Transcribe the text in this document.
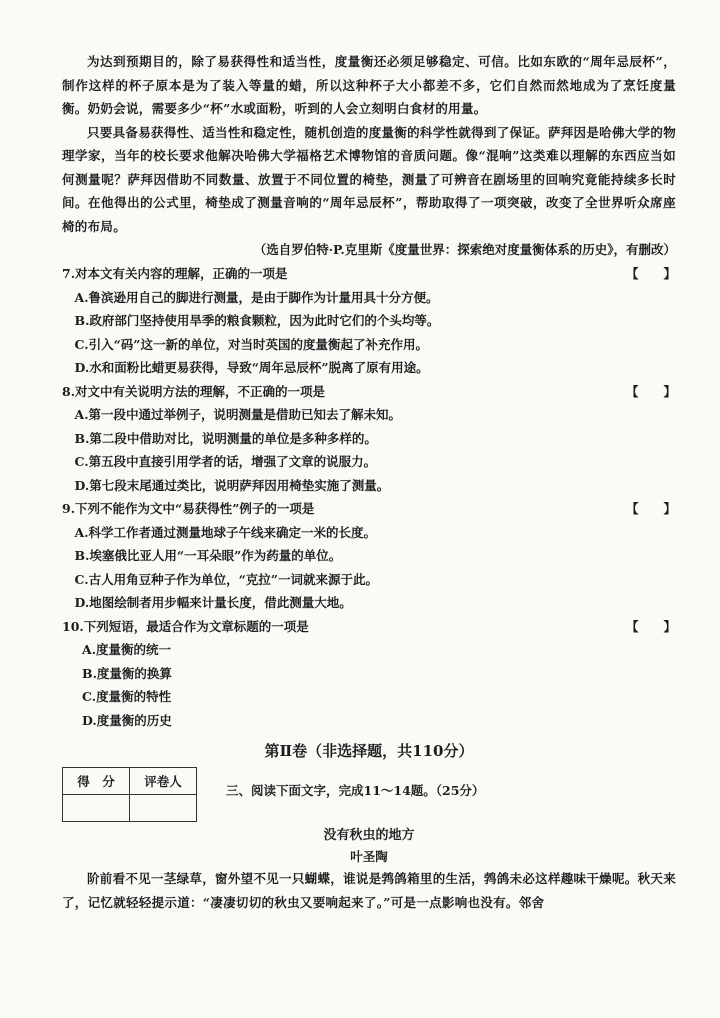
为达到预期目的，除了易获得性和适当性，度量衡还必须足够稳定、可信。比如东欧的“周年忌辰杯”，制作这样的杯子原本是为了装入等量的蜡，所以这种杯子大小都差不多，它们自然而然地成为了烹饪度量衡。奶奶会说，需要多少“杯”水或面粉，听到的人会立刻明白食材的用量。

只要具备易获得性、适当性和稳定性，随机创造的度量衡的科学性就得到了保证。萨拜因是哈佛大学的物理学家，当年的校长要求他解决哈佛大学福格艺术博物馆的音质问题。像“混响”这类难以理解的东西应当如何测量呢？萨拜因借助不同数量、放置于不同位置的椅垫，测量了可辨音在剧场里的回响究竟能持续多长时间。在他得出的公式里，椅垫成了测量音响的“周年忌辰杯”，帮助取得了一项突破，改变了全世界听众席座椅的布局。

（选自罗伯特·P.克里斯《度量世界：探索绝对度量衡体系的历史》，有删改）

7.对本文有关内容的理解，正确的一项是	【　　】
A.鲁滨逊用自己的脚进行测量，是由于脚作为计量用具十分方便。
B.政府部门坚持使用旱季的粮食颗粒，因为此时它们的个头均等。
C.引入“码”这一新的单位，对当时英国的度量衡起了补充作用。
D.水和面粉比蜡更易获得，导致“周年忌辰杯”脱离了原有用途。
8.对文中有关说明方法的理解，不正确的一项是	【　　】
A.第一段中通过举例子，说明测量是借助已知去了解未知。
B.第二段中借助对比，说明测量的单位是多种多样的。
C.第五段中直接引用学者的话，增强了文章的说服力。
D.第七段末尾通过类比，说明萨拜因用椅垫实施了测量。
9.下列不能作为文中“易获得性”例子的一项是	【　　】
A.科学工作者通过测量地球子午线来确定一米的长度。
B.埃塞俄比亚人用“一耳朵眼”作为药量的单位。
C.古人用角豆种子作为单位，“克拉”一词就来源于此。
D.地图绘制者用步幅来计量长度，借此测量大地。
10.下列短语，最适合作为文章标题的一项是	【　　】
A.度量衡的统一
B.度量衡的换算
C.度量衡的特性
D.度量衡的历史
第Ⅱ卷（非选择题，共110分）
得　分	评卷人

三、阅读下面文字，完成11～14题。（25分）
没有秋虫的地方
叶圣陶

阶前看不见一茎绿草，窗外望不见一只蝴蝶，谁说是鹁鸽箱里的生活，鹁鸽未必这样趣味干燥呢。秋天来了，记忆就轻轻提示道：“凄凄切切的秋虫又要响起来了。”可是一点影响也没有。邻舍
